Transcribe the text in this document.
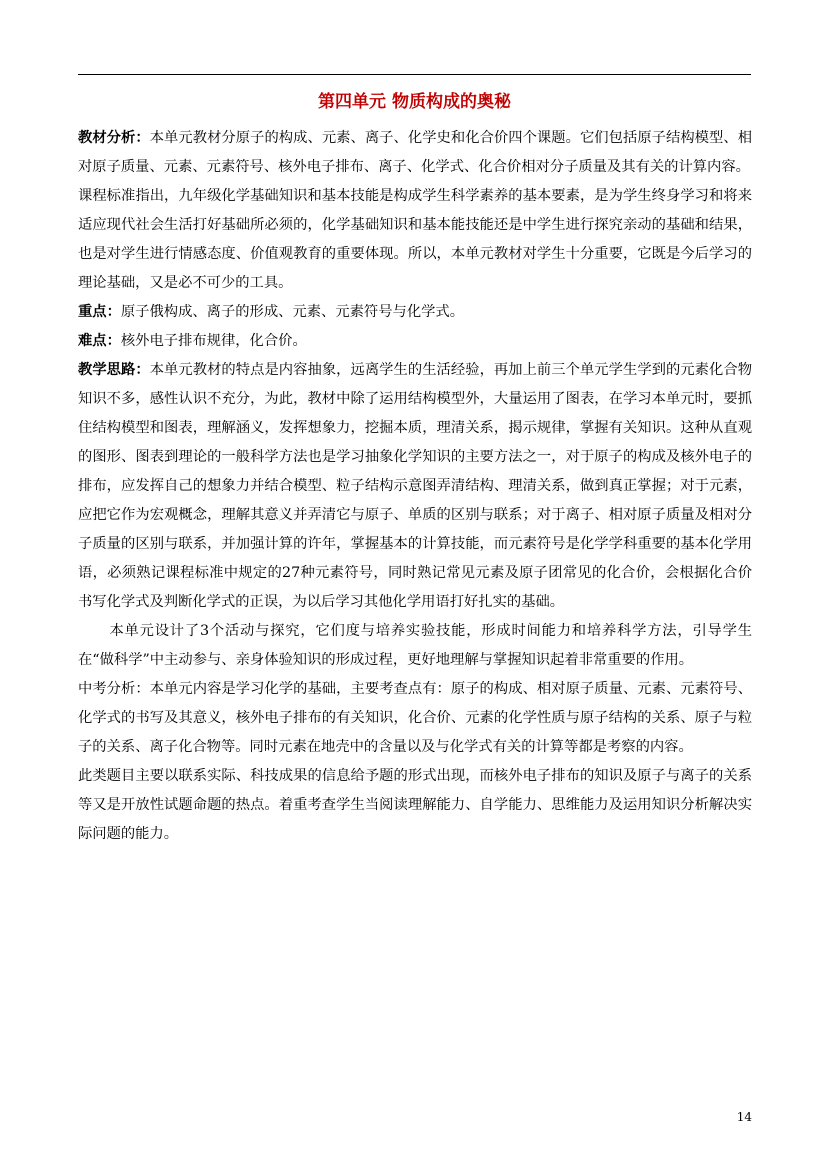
第四单元 物质构成的奥秘

教材分析：本单元教材分原子的构成、元素、离子、化学史和化合价四个课题。它们包括原子结构模型、相对原子质量、元素、元素符号、核外电子排布、离子、化学式、化合价相对分子质量及其有关的计算内容。

课程标准指出，九年级化学基础知识和基本技能是构成学生科学素养的基本要素，是为学生终身学习和将来适应现代社会生活打好基础所必须的，化学基础知识和基本能技能还是中学生进行探究亲动的基础和结果，也是对学生进行情感态度、价值观教育的重要体现。所以，本单元教材对学生十分重要，它既是今后学习的理论基础，又是必不可少的工具。

重点：原子俄构成、离子的形成、元素、元素符号与化学式。

难点：核外电子排布规律，化合价。

教学思路：本单元教材的特点是内容抽象，远离学生的生活经验，再加上前三个单元学生学到的元素化合物知识不多，感性认识不充分，为此，教材中除了运用结构模型外，大量运用了图表，在学习本单元时，要抓住结构模型和图表，理解涵义，发挥想象力，挖掘本质，理清关系，揭示规律，掌握有关知识。这种从直观的图形、图表到理论的一般科学方法也是学习抽象化学知识的主要方法之一，对于原子的构成及核外电子的排布，应发挥自己的想象力并结合模型、粒子结构示意图弄清结构、理清关系，做到真正掌握；对于元素，应把它作为宏观概念，理解其意义并弄清它与原子、单质的区别与联系；对于离子、相对原子质量及相对分子质量的区别与联系，并加强计算的许年，掌握基本的计算技能，而元素符号是化学学科重要的基本化学用语，必须熟记课程标准中规定的27种元素符号，同时熟记常见元素及原子团常见的化合价，会根据化合价书写化学式及判断化学式的正误，为以后学习其他化学用语打好扎实的基础。

本单元设计了3个活动与探究，它们度与培养实验技能，形成时间能力和培养科学方法，引导学生在“做科学”中主动参与、亲身体验知识的形成过程，更好地理解与掌握知识起着非常重要的作用。

中考分析：本单元内容是学习化学的基础，主要考查点有：原子的构成、相对原子质量、元素、元素符号、化学式的书写及其意义，核外电子排布的有关知识，化合价、元素的化学性质与原子结构的关系、原子与粒子的关系、离子化合物等。同时元素在地壳中的含量以及与化学式有关的计算等都是考察的内容。

此类题目主要以联系实际、科技成果的信息给予题的形式出现，而核外电子排布的知识及原子与离子的关系等又是开放性试题命题的热点。着重考查学生当阅读理解能力、自学能力、思维能力及运用知识分析解决实际问题的能力。

14
